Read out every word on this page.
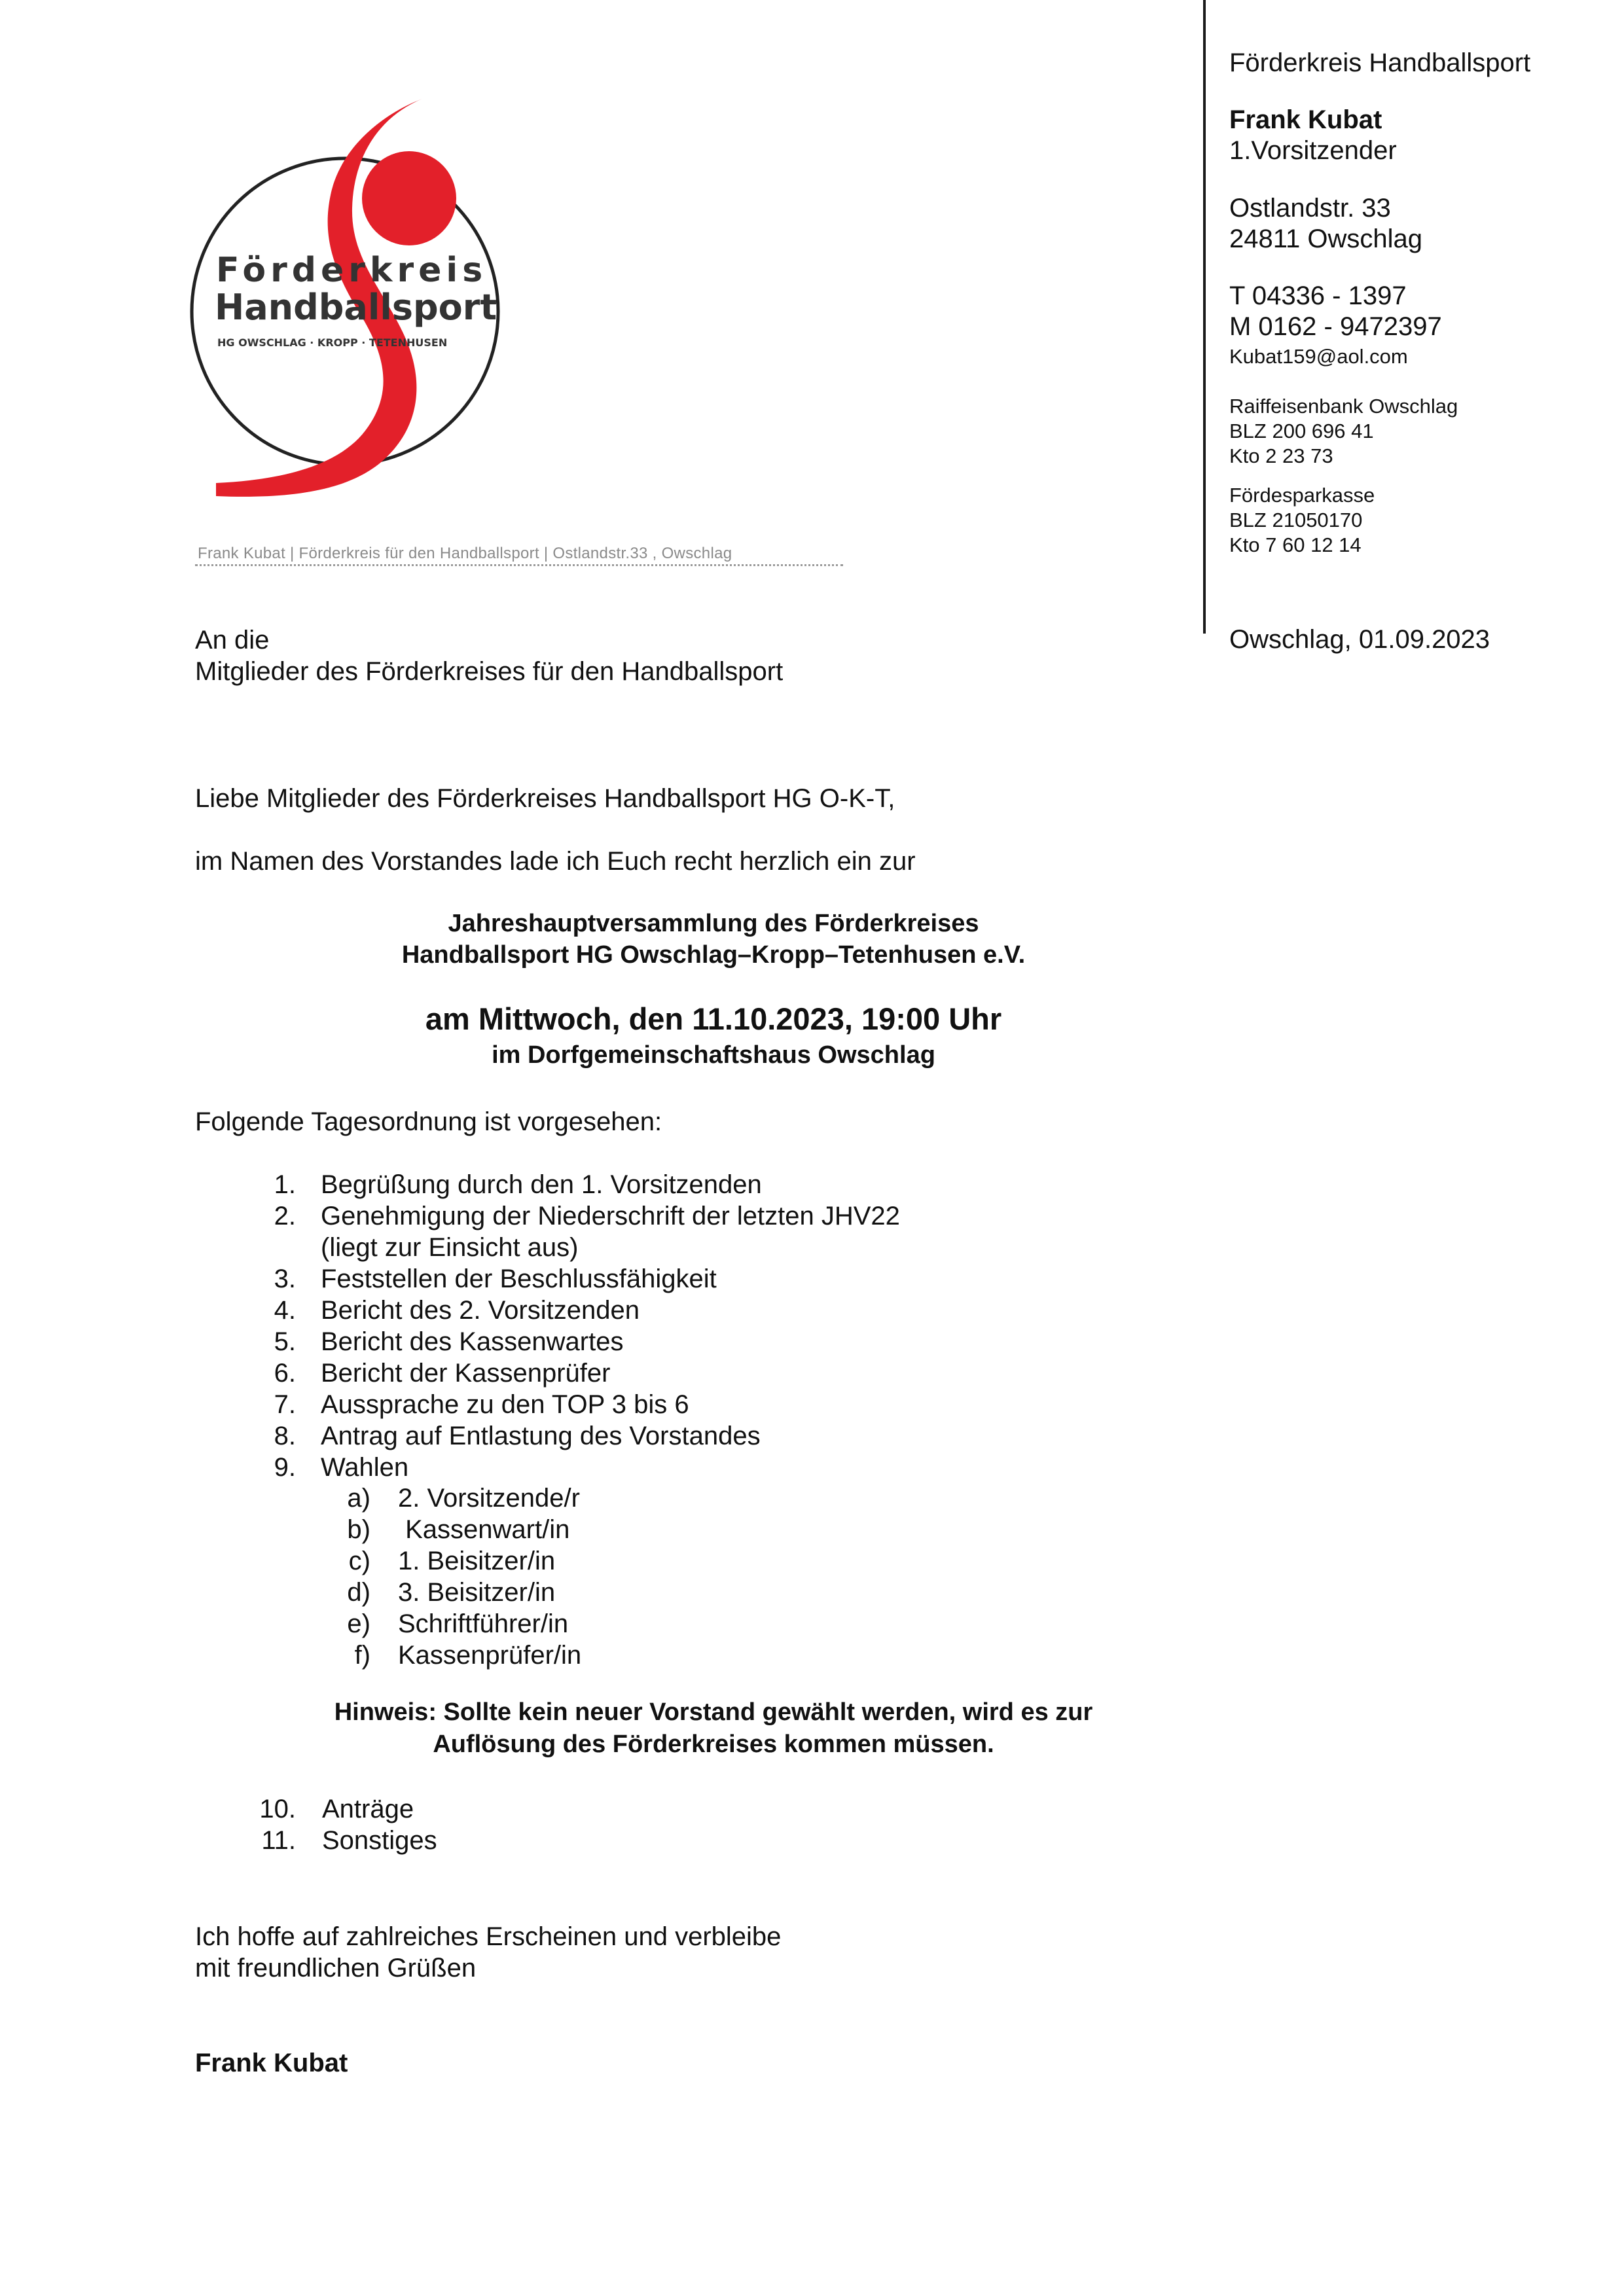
Förderkreis
Handballsport
HG OWSCHLAG · KROPP · TETENHUSEN
Frank Kubat | Förderkreis für den Handballsport | Ostlandstr.33 , Owschlag
Förderkreis Handballsport
Frank Kubat
1.Vorsitzender
Ostlandstr. 33
24811 Owschlag
T 04336 - 1397
M 0162 - 9472397
Kubat159@aol.com
Raiffeisenbank Owschlag
BLZ 200 696 41
Kto 2 23 73
Fördesparkasse
BLZ 21050170
Kto 7 60 12 14
Owschlag, 01.09.2023
An die
Mitglieder des Förderkreises für den Handballsport
Liebe Mitglieder des Förderkreises Handballsport HG O-K-T,
im Namen des Vorstandes lade ich Euch recht herzlich ein zur
Jahreshauptversammlung des Förderkreises
Handballsport HG Owschlag–Kropp–Tetenhusen e.V.
am Mittwoch, den 11.10.2023, 19:00 Uhr
im Dorfgemeinschaftshaus Owschlag
Folgende Tagesordnung ist vorgesehen:
1. Begrüßung durch den 1. Vorsitzenden
2. Genehmigung der Niederschrift der letzten JHV22
(liegt zur Einsicht aus)
3. Feststellen der Beschlussfähigkeit
4. Bericht des 2. Vorsitzenden
5. Bericht des Kassenwartes
6. Bericht der Kassenprüfer
7. Aussprache zu den TOP 3 bis 6
8. Antrag auf Entlastung des Vorstandes
9. Wahlen
a) 2. Vorsitzende/r
b) Kassenwart/in
c) 1. Beisitzer/in
d) 3. Beisitzer/in
e) Schriftführer/in
f) Kassenprüfer/in
Hinweis: Sollte kein neuer Vorstand gewählt werden, wird es zur
Auflösung des Förderkreises kommen müssen.
10. Anträge
11. Sonstiges
Ich hoffe auf zahlreiches Erscheinen und verbleibe
mit freundlichen Grüßen
Frank Kubat
